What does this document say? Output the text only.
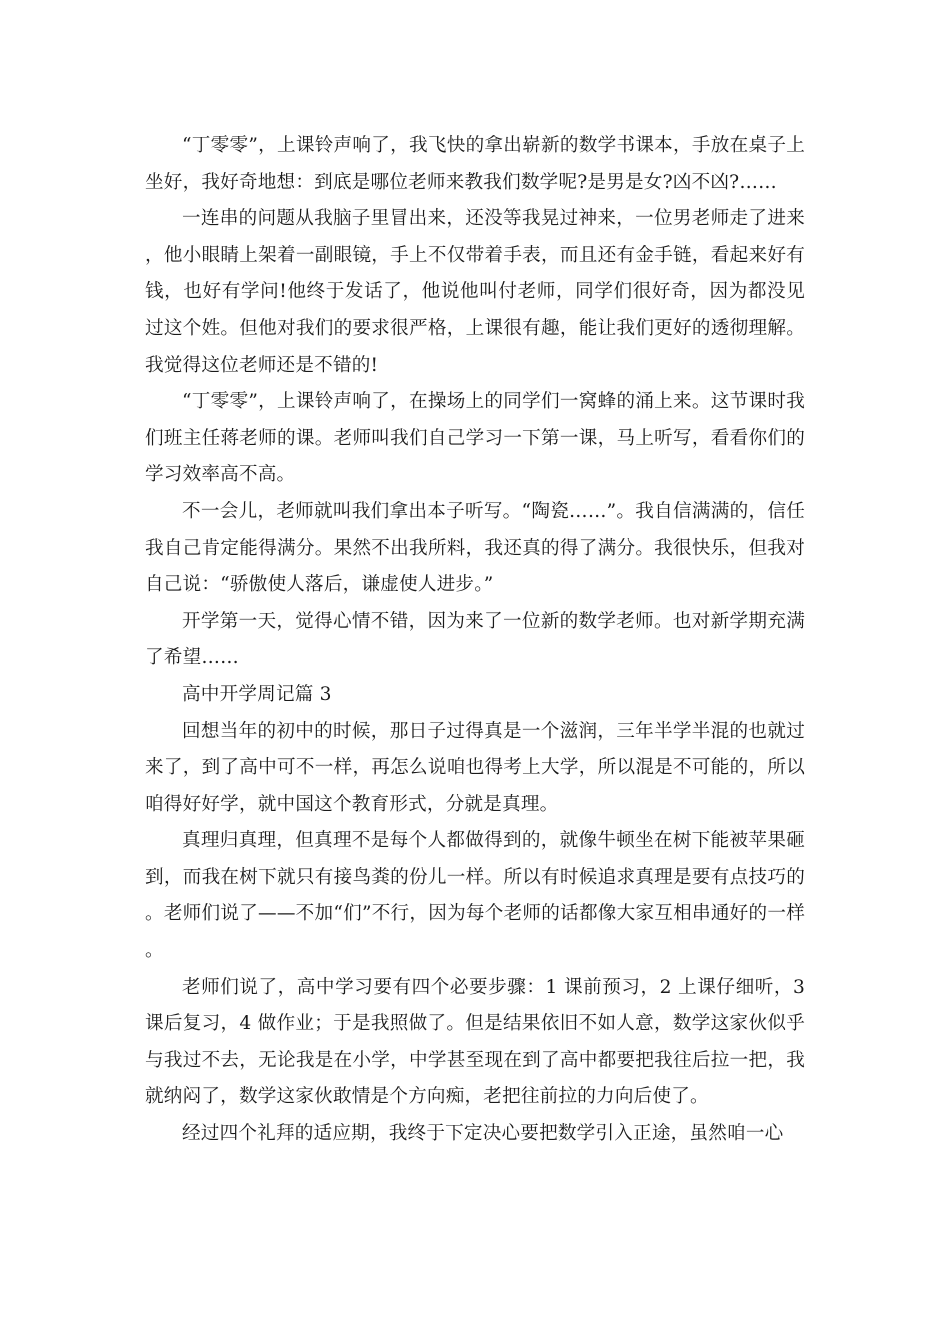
“丁零零”，上课铃声响了，我飞快的拿出崭新的数学书课本，手放在桌子上坐好，我好奇地想：到底是哪位老师来教我们数学呢?是男是女?凶不凶?……

一连串的问题从我脑子里冒出来，还没等我晃过神来，一位男老师走了进来，他小眼睛上架着一副眼镜，手上不仅带着手表，而且还有金手链，看起来好有钱，也好有学问!他终于发话了，他说他叫付老师，同学们很好奇，因为都没见过这个姓。但他对我们的要求很严格，上课很有趣，能让我们更好的透彻理解。我觉得这位老师还是不错的!

“丁零零”，上课铃声响了，在操场上的同学们一窝蜂的涌上来。这节课时我们班主任蒋老师的课。老师叫我们自己学习一下第一课，马上听写，看看你们的学习效率高不高。

不一会儿，老师就叫我们拿出本子听写。“陶瓷……”。我自信满满的，信任我自己肯定能得满分。果然不出我所料，我还真的得了满分。我很快乐，但我对自己说：“骄傲使人落后，谦虚使人进步。”

开学第一天，觉得心情不错，因为来了一位新的数学老师。也对新学期充满了希望……

高中开学周记篇 3

回想当年的初中的时候，那日子过得真是一个滋润，三年半学半混的也就过来了，到了高中可不一样，再怎么说咱也得考上大学，所以混是不可能的，所以咱得好好学，就中国这个教育形式，分就是真理。

真理归真理，但真理不是每个人都做得到的，就像牛顿坐在树下能被苹果砸到，而我在树下就只有接鸟粪的份儿一样。所以有时候追求真理是要有点技巧的。老师们说了——不加“们”不行，因为每个老师的话都像大家互相串通好的一样。

老师们说了，高中学习要有四个必要步骤：1 课前预习，2 上课仔细听，3 课后复习，4 做作业；于是我照做了。但是结果依旧不如人意，数学这家伙似乎与我过不去，无论我是在小学，中学甚至现在到了高中都要把我往后拉一把，我就纳闷了，数学这家伙敢情是个方向痴，老把往前拉的力向后使了。

经过四个礼拜的适应期，我终于下定决心要把数学引入正途，虽然咱一心
